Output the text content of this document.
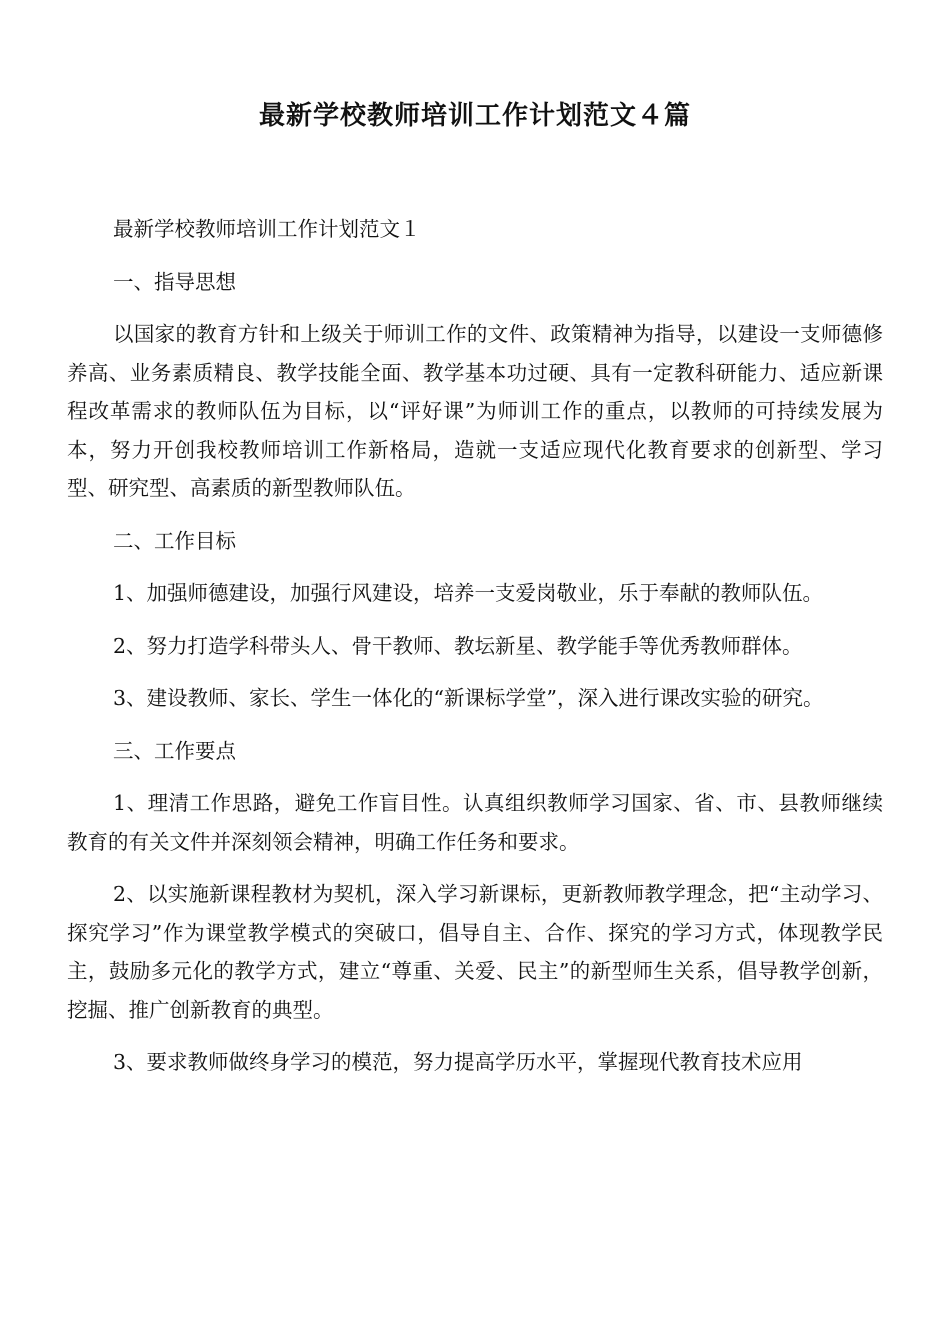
最新学校教师培训工作计划范文４篇

最新学校教师培训工作计划范文１

一、指导思想

以国家的教育方针和上级关于师训工作的文件、政策精神为指导，以建设一支师德修养高、业务素质精良、教学技能全面、教学基本功过硬、具有一定教科研能力、适应新课程改革需求的教师队伍为目标，以“评好课”为师训工作的重点，以教师的可持续发展为本，努力开创我校教师培训工作新格局，造就一支适应现代化教育要求的创新型、学习型、研究型、高素质的新型教师队伍。

二、工作目标

1、加强师德建设，加强行风建设，培养一支爱岗敬业，乐于奉献的教师队伍。

2、努力打造学科带头人、骨干教师、教坛新星、教学能手等优秀教师群体。

3、建设教师、家长、学生一体化的“新课标学堂”，深入进行课改实验的研究。

三、工作要点

1、理清工作思路，避免工作盲目性。认真组织教师学习国家、省、市、县教师继续教育的有关文件并深刻领会精神，明确工作任务和要求。

2、以实施新课程教材为契机，深入学习新课标，更新教师教学理念，把“主动学习、探究学习”作为课堂教学模式的突破口，倡导自主、合作、探究的学习方式，体现教学民主，鼓励多元化的教学方式，建立“尊重、关爱、民主”的新型师生关系，倡导教学创新，挖掘、推广创新教育的典型。

3、要求教师做终身学习的模范，努力提高学历水平，掌握现代教育技术应用
